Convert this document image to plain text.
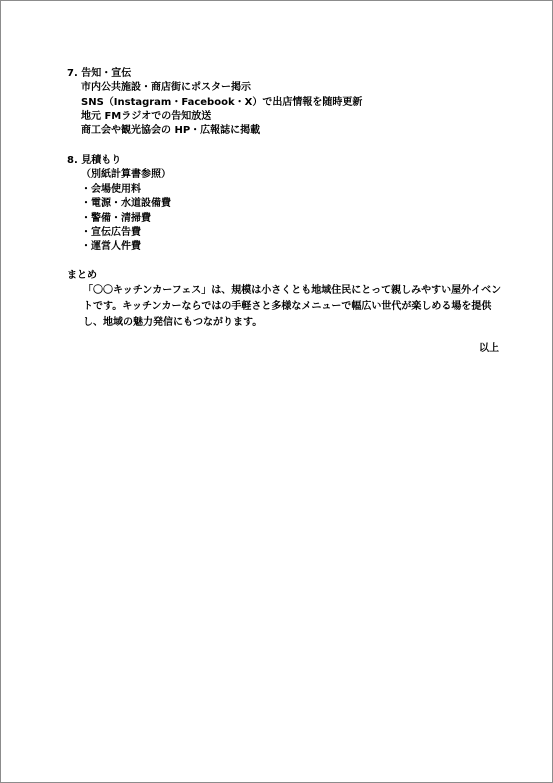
7. 告知・宣伝
市内公共施設・商店街にポスター掲示
SNS（Instagram・Facebook・X）で出店情報を随時更新
地元 FMラジオでの告知放送
商工会や観光協会の HP・広報誌に掲載
8. 見積もり
（別紙計算書参照）
・会場使用料
・電源・水道設備費
・警備・清掃費
・宣伝広告費
・運営人件費
まとめ
「〇〇キッチンカーフェス」は、規模は小さくとも地域住民にとって親しみやすい屋外イベントです。キッチンカーならではの手軽さと多様なメニューで幅広い世代が楽しめる場を提供し、地域の魅力発信にもつながります。
以上
